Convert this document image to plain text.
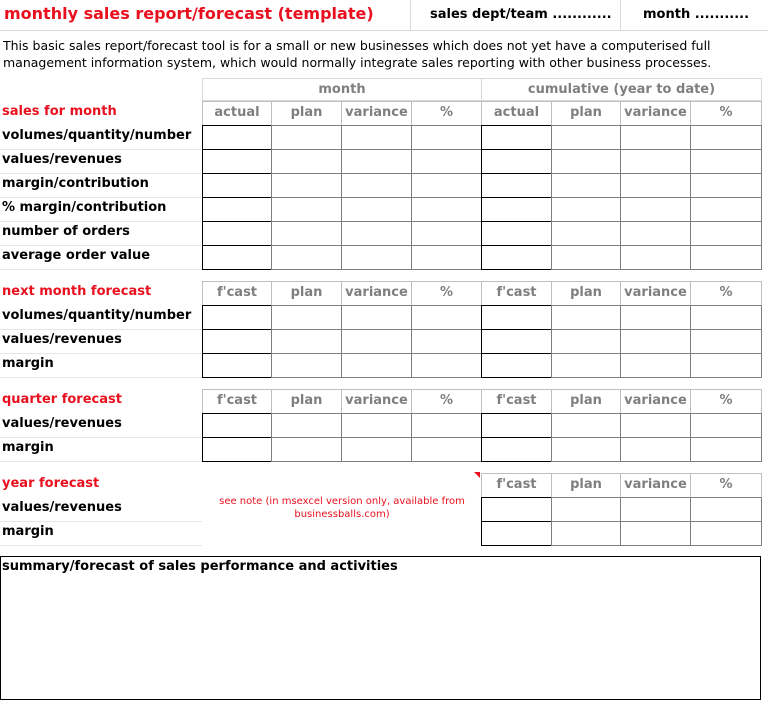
monthly sales report/forecast (template)	sales dept/team ............ month ...........
This basic sales report/forecast tool is for a small or new businesses which does not yet have a computerised full management information system, which would normally integrate sales reporting with other business processes.
month	cumulative (year to date)
sales for month	actual	plan	variance	%	actual	plan	variance	%
volumes/quantity/number
values/revenues
margin/contribution
% margin/contribution
number of orders
average order value
next month forecast	f'cast	plan	variance	%	f'cast	plan	variance	%
volumes/quantity/number
values/revenues
margin
quarter forecast	f'cast	plan	variance	%	f'cast	plan	variance	%
values/revenues
margin
year forecast	f'cast	plan	variance	%
values/revenues
margin
see note (in msexcel version only, available from businessballs.com)
summary/forecast of sales performance and activities
